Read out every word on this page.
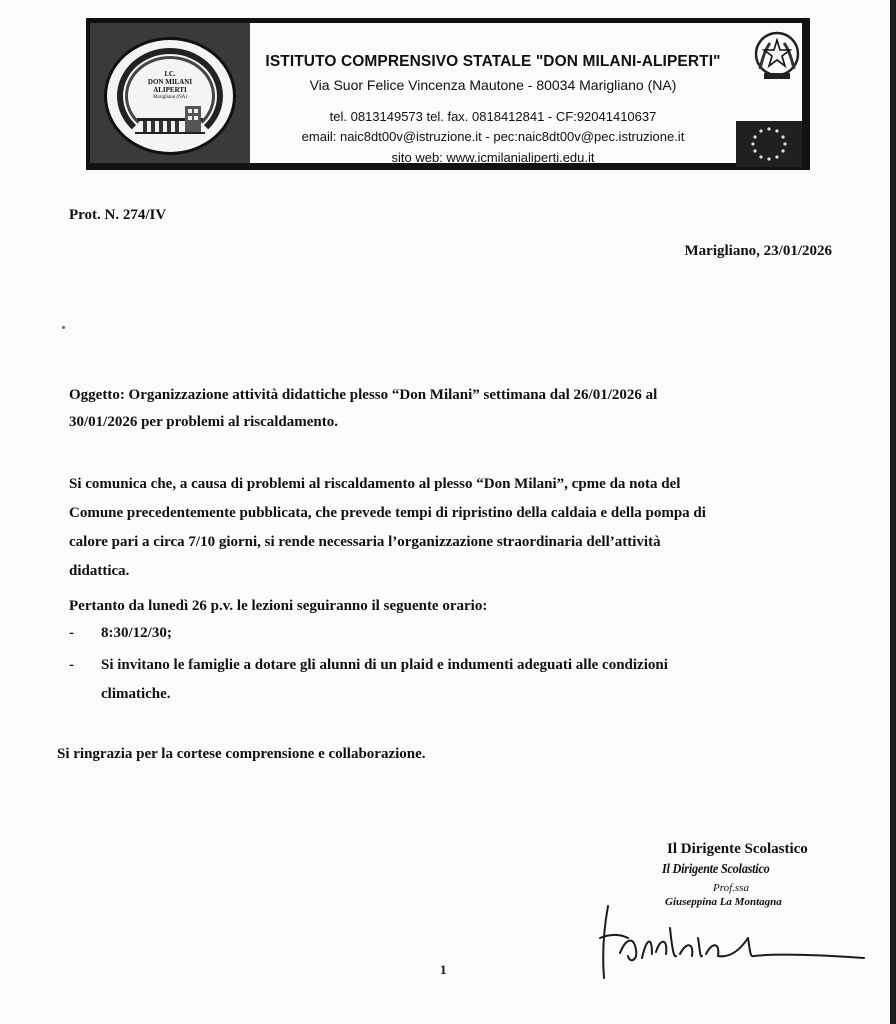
I.C.
DON MILANI
ALIPERTI
Marigliano (NA)
ISTITUTO COMPRENSIVO STATALE "DON MILANI-ALIPERTI"
Via Suor Felice Vincenza Mautone - 80034 Marigliano (NA)
tel. 0813149573 tel. fax. 0818412841 - CF:92041410637
email: naic8dt00v@istruzione.it - pec:naic8dt00v@pec.istruzione.it
sito web: www.icmilanialiperti.edu.it
Prot. N. 274/IV
Marigliano, 23/01/2026
Oggetto: Organizzazione attività didattiche plesso “Don Milani” settimana dal 26/01/2026 al
30/01/2026 per problemi al riscaldamento.
Si comunica che, a causa di problemi al riscaldamento al plesso “Don Milani”, cpme da nota del
Comune precedentemente pubblicata, che prevede tempi di ripristino della caldaia e della pompa di
calore pari a circa 7/10 giorni, si rende necessaria l’organizzazione straordinaria dell’attività
didattica.
Pertanto da lunedì 26 p.v. le lezioni seguiranno il seguente orario:
- 8:30/12/30;
- Si invitano le famiglie a dotare gli alunni di un plaid e indumenti adeguati alle condizioni
climatiche.
Si ringrazia per la cortese comprensione e collaborazione.
Il Dirigente Scolastico
Il Dirigente Scolastico
Prof.ssa
Giuseppina La Montagna
1
